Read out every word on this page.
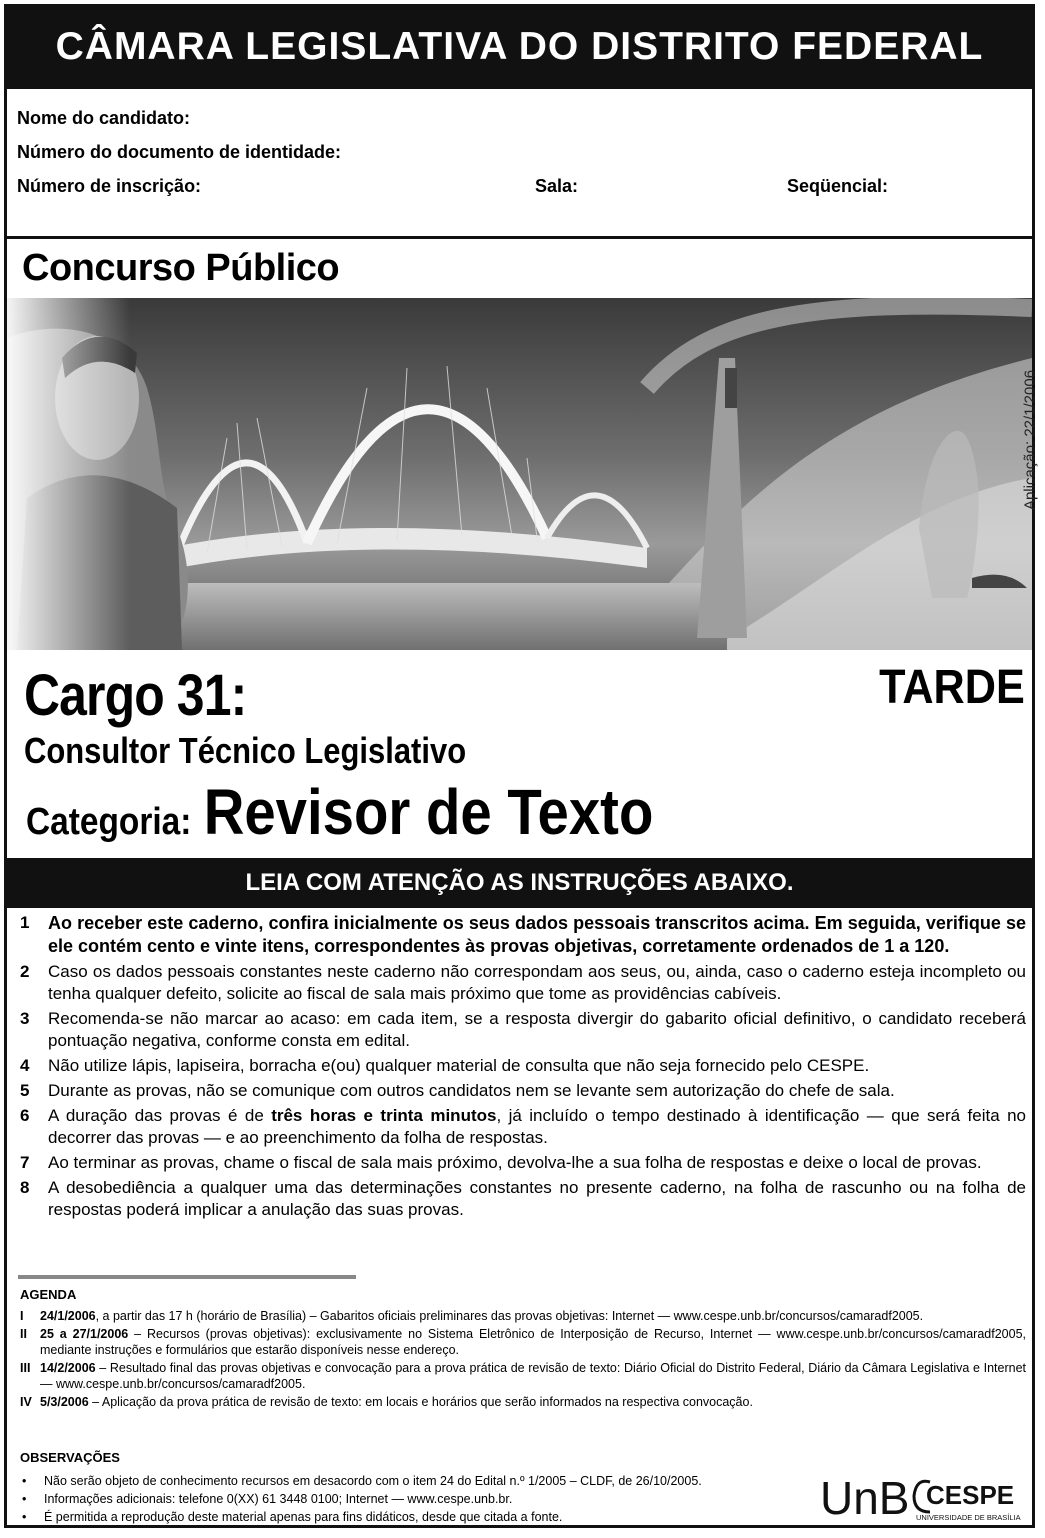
CÂMARA LEGISLATIVA DO DISTRITO FEDERAL
Nome do candidato:
Número do documento de identidade:
Número de inscrição:	Sala:	Seqüencial:
Concurso Público
Aplicação: 22/1/2006
Cargo 31:	TARDE
Consultor Técnico Legislativo
Categoria: Revisor de Texto
LEIA COM ATENÇÃO AS INSTRUÇÕES ABAIXO.
1 Ao receber este caderno, confira inicialmente os seus dados pessoais transcritos acima. Em seguida, verifique se ele contém cento e vinte itens, correspondentes às provas objetivas, corretamente ordenados de 1 a 120.
2 Caso os dados pessoais constantes neste caderno não correspondam aos seus, ou, ainda, caso o caderno esteja incompleto ou tenha qualquer defeito, solicite ao fiscal de sala mais próximo que tome as providências cabíveis.
3 Recomenda-se não marcar ao acaso: em cada item, se a resposta divergir do gabarito oficial definitivo, o candidato receberá pontuação negativa, conforme consta em edital.
4 Não utilize lápis, lapiseira, borracha e(ou) qualquer material de consulta que não seja fornecido pelo CESPE.
5 Durante as provas, não se comunique com outros candidatos nem se levante sem autorização do chefe de sala.
6 A duração das provas é de três horas e trinta minutos, já incluído o tempo destinado à identificação — que será feita no decorrer das provas — e ao preenchimento da folha de respostas.
7 Ao terminar as provas, chame o fiscal de sala mais próximo, devolva-lhe a sua folha de respostas e deixe o local de provas.
8 A desobediência a qualquer uma das determinações constantes no presente caderno, na folha de rascunho ou na folha de respostas poderá implicar a anulação das suas provas.
AGENDA
I 24/1/2006, a partir das 17 h (horário de Brasília) – Gabaritos oficiais preliminares das provas objetivas: Internet — www.cespe.unb.br/concursos/camaradf2005.
II 25 a 27/1/2006 – Recursos (provas objetivas): exclusivamente no Sistema Eletrônico de Interposição de Recurso, Internet — www.cespe.unb.br/concursos/camaradf2005, mediante instruções e formulários que estarão disponíveis nesse endereço.
III 14/2/2006 – Resultado final das provas objetivas e convocação para a prova prática de revisão de texto: Diário Oficial do Distrito Federal, Diário da Câmara Legislativa e Internet — www.cespe.unb.br/concursos/camaradf2005.
IV 5/3/2006 – Aplicação da prova prática de revisão de texto: em locais e horários que serão informados na respectiva convocação.
OBSERVAÇÕES
• Não serão objeto de conhecimento recursos em desacordo com o item 24 do Edital n.º 1/2005 – CLDF, de 26/10/2005.
• Informações adicionais: telefone 0(XX) 61 3448 0100; Internet — www.cespe.unb.br.
• É permitida a reprodução deste material apenas para fins didáticos, desde que citada a fonte.	UnB CESPE
UNIVERSIDADE DE BRASÍLIA
